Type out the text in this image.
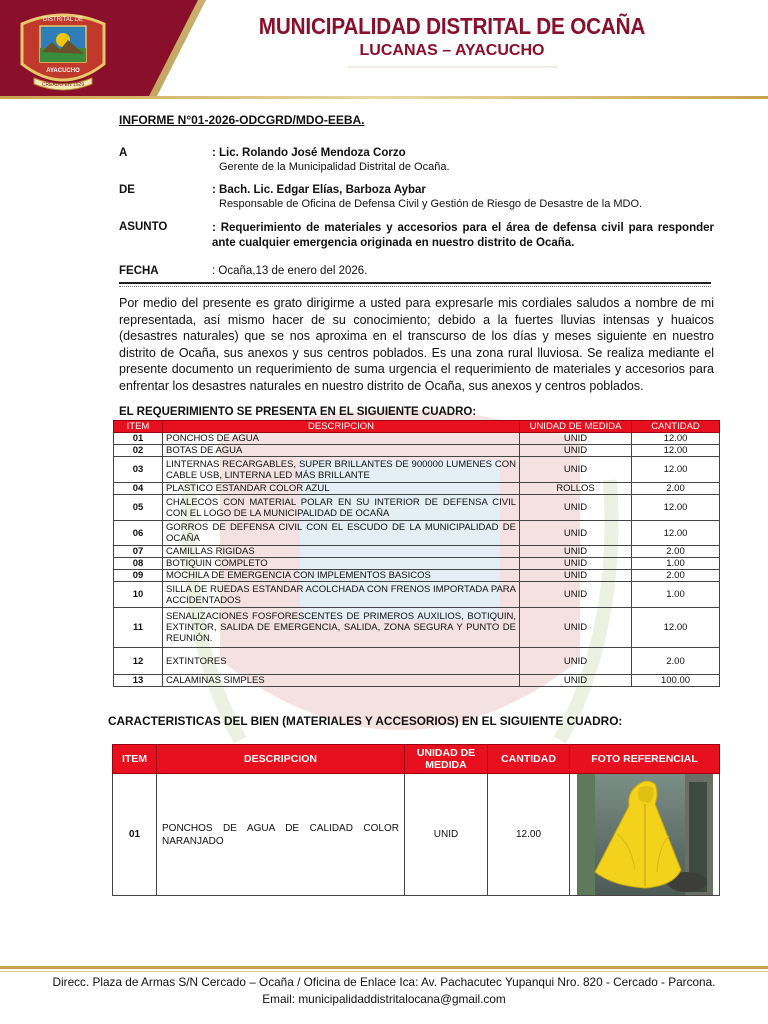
DISTRITAL DE
AYACUCHO
CREADO EN 1929
MUNICIPALIDAD DISTRITAL DE OCAÑA
LUCANAS – AYACUCHO
INFORME N°01-2026-ODCGRD/MDO-EEBA.
A	: Lic. Rolando José Mendoza Corzo
Gerente de la Municipalidad Distrital de Ocaña.
DE	: Bach. Lic. Edgar Elías, Barboza Aybar
Responsable de Oficina de Defensa Civil y Gestión de Riesgo de Desastre de la MDO.
ASUNTO	: Requerimiento de materiales y accesorios para el área de defensa civil para responder ante cualquier emergencia originada en nuestro distrito de Ocaña.
FECHA	: Ocaña,13 de enero del 2026.
Por medio del presente es grato dirigirme a usted para expresarle mis cordiales saludos a nombre de mi representada, así mismo hacer de su conocimiento; debido a la fuertes lluvias intensas y huaicos (desastres naturales) que se nos aproxima en el transcurso de los días y meses siguiente en nuestro distrito de Ocaña, sus anexos y sus centros poblados. Es una zona rural lluviosa. Se realiza mediante el presente documento un requerimiento de suma urgencia el requerimiento de materiales y accesorios para enfrentar los desastres naturales en nuestro distrito de Ocaña, sus anexos y centros poblados.
EL REQUERIMIENTO SE PRESENTA EN EL SIGUIENTE CUADRO:
ITEM	DESCRIPCION	UNIDAD DE MEDIDA	CANTIDAD
01	PONCHOS DE AGUA	UNID	12.00
02	BOTAS DE AGUA	UNID	12.00
03	LINTERNAS RECARGABLES, SUPER BRILLANTES DE 900000 LUMENES CON CABLE USB, LINTERNA LED MÁS BRILLANTE	UNID	12.00
04	PLASTICO ESTANDAR COLOR AZUL	ROLLOS	2.00
05	CHALECOS CON MATERIAL POLAR EN SU INTERIOR DE DEFENSA CIVIL CON EL LOGO DE LA MUNICIPALIDAD DE OCAÑA	UNID	12.00
06	GORROS DE DEFENSA CIVIL CON EL ESCUDO DE LA MUNICIPALIDAD DE OCAÑA	UNID	12.00
07	CAMILLAS RIGIDAS	UNID	2.00
08	BOTIQUIN COMPLETO	UNID	1.00
09	MOCHILA DE EMERGENCIA CON IMPLEMENTOS BASICOS	UNID	2.00
10	SILLA DE RUEDAS ESTANDAR ACOLCHADA CON FRENOS IMPORTADA PARA ACCIDENTADOS	UNID	1.00
11	SENALIZACIONES FOSFORESCENTES DE PRIMEROS AUXILIOS, BOTIQUIN, EXTINTOR, SALIDA DE EMERGENCIA, SALIDA, ZONA SEGURA Y PUNTO DE REUNIÓN.	UNID	12.00
12	EXTINTORES	UNID	2.00
13	CALAMINAS SIMPLES	UNID	100.00
CARACTERISTICAS DEL BIEN (MATERIALES Y ACCESORIOS) EN EL SIGUIENTE CUADRO:
ITEM	DESCRIPCION	UNIDAD DE MEDIDA	CANTIDAD	FOTO REFERENCIAL
01	PONCHOS DE AGUA DE CALIDAD COLOR NARANJADO	UNID	12.00	
Direcc. Plaza de Armas S/N Cercado – Ocaña / Oficina de Enlace Ica: Av. Pachacutec Yupanqui Nro. 820 - Cercado - Parcona.
Email: municipalidaddistritalocana@gmail.com
